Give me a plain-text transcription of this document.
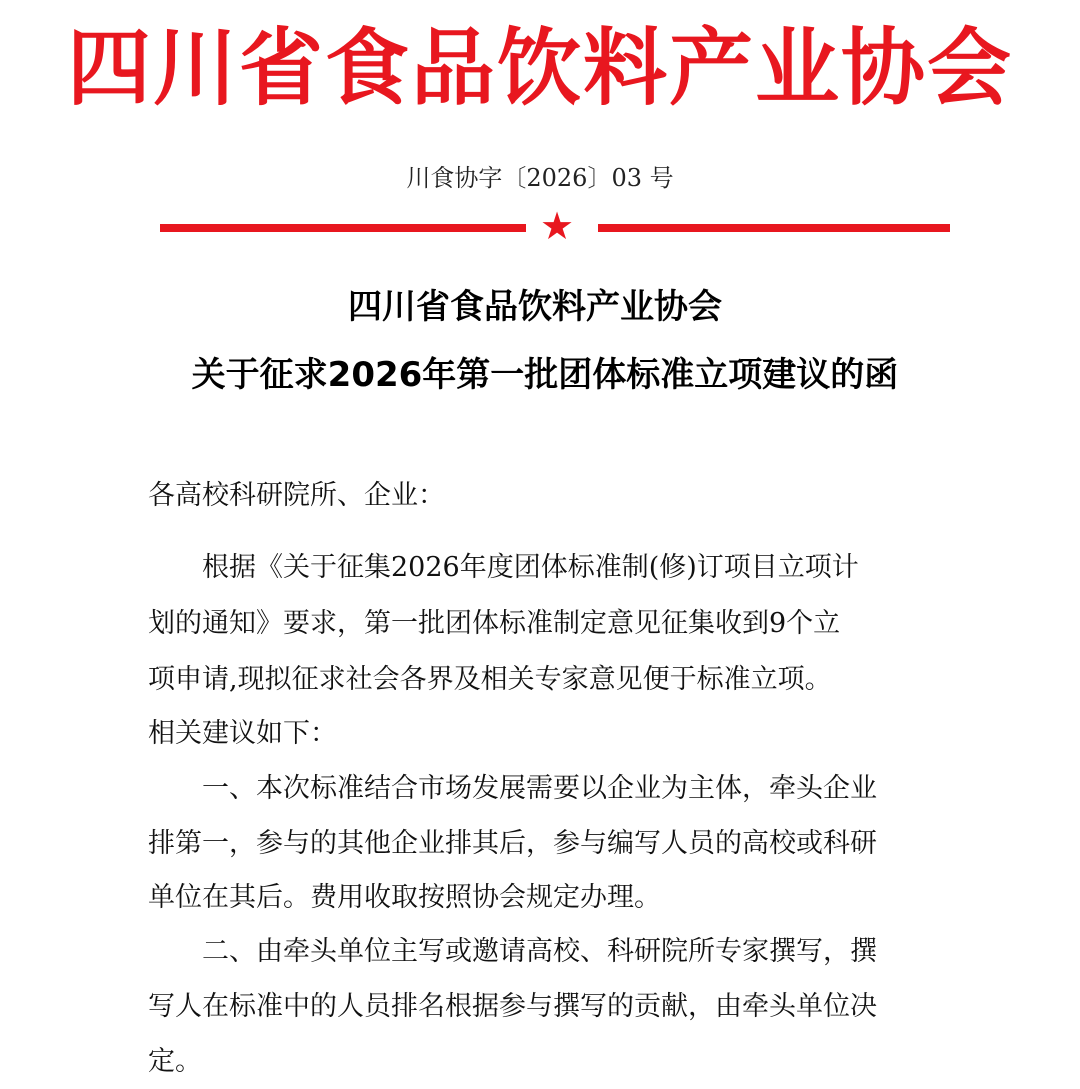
四川省食品饮料产业协会
川食协字〔2026〕03 号
★
四川省食品饮料产业协会
关于征求2026年第一批团体标准立项建议的函
各高校科研院所、企业：
　　根据《关于征集2026年度团体标准制(修)订项目立项计
划的通知》要求，第一批团体标准制定意见征集收到9个立
项申请,现拟征求社会各界及相关专家意见便于标准立项。
相关建议如下：
　　一、本次标准结合市场发展需要以企业为主体，牵头企业
排第一，参与的其他企业排其后，参与编写人员的高校或科研
单位在其后。费用收取按照协会规定办理。
　　二、由牵头单位主写或邀请高校、科研院所专家撰写，撰
写人在标准中的人员排名根据参与撰写的贡献，由牵头单位决
定。
